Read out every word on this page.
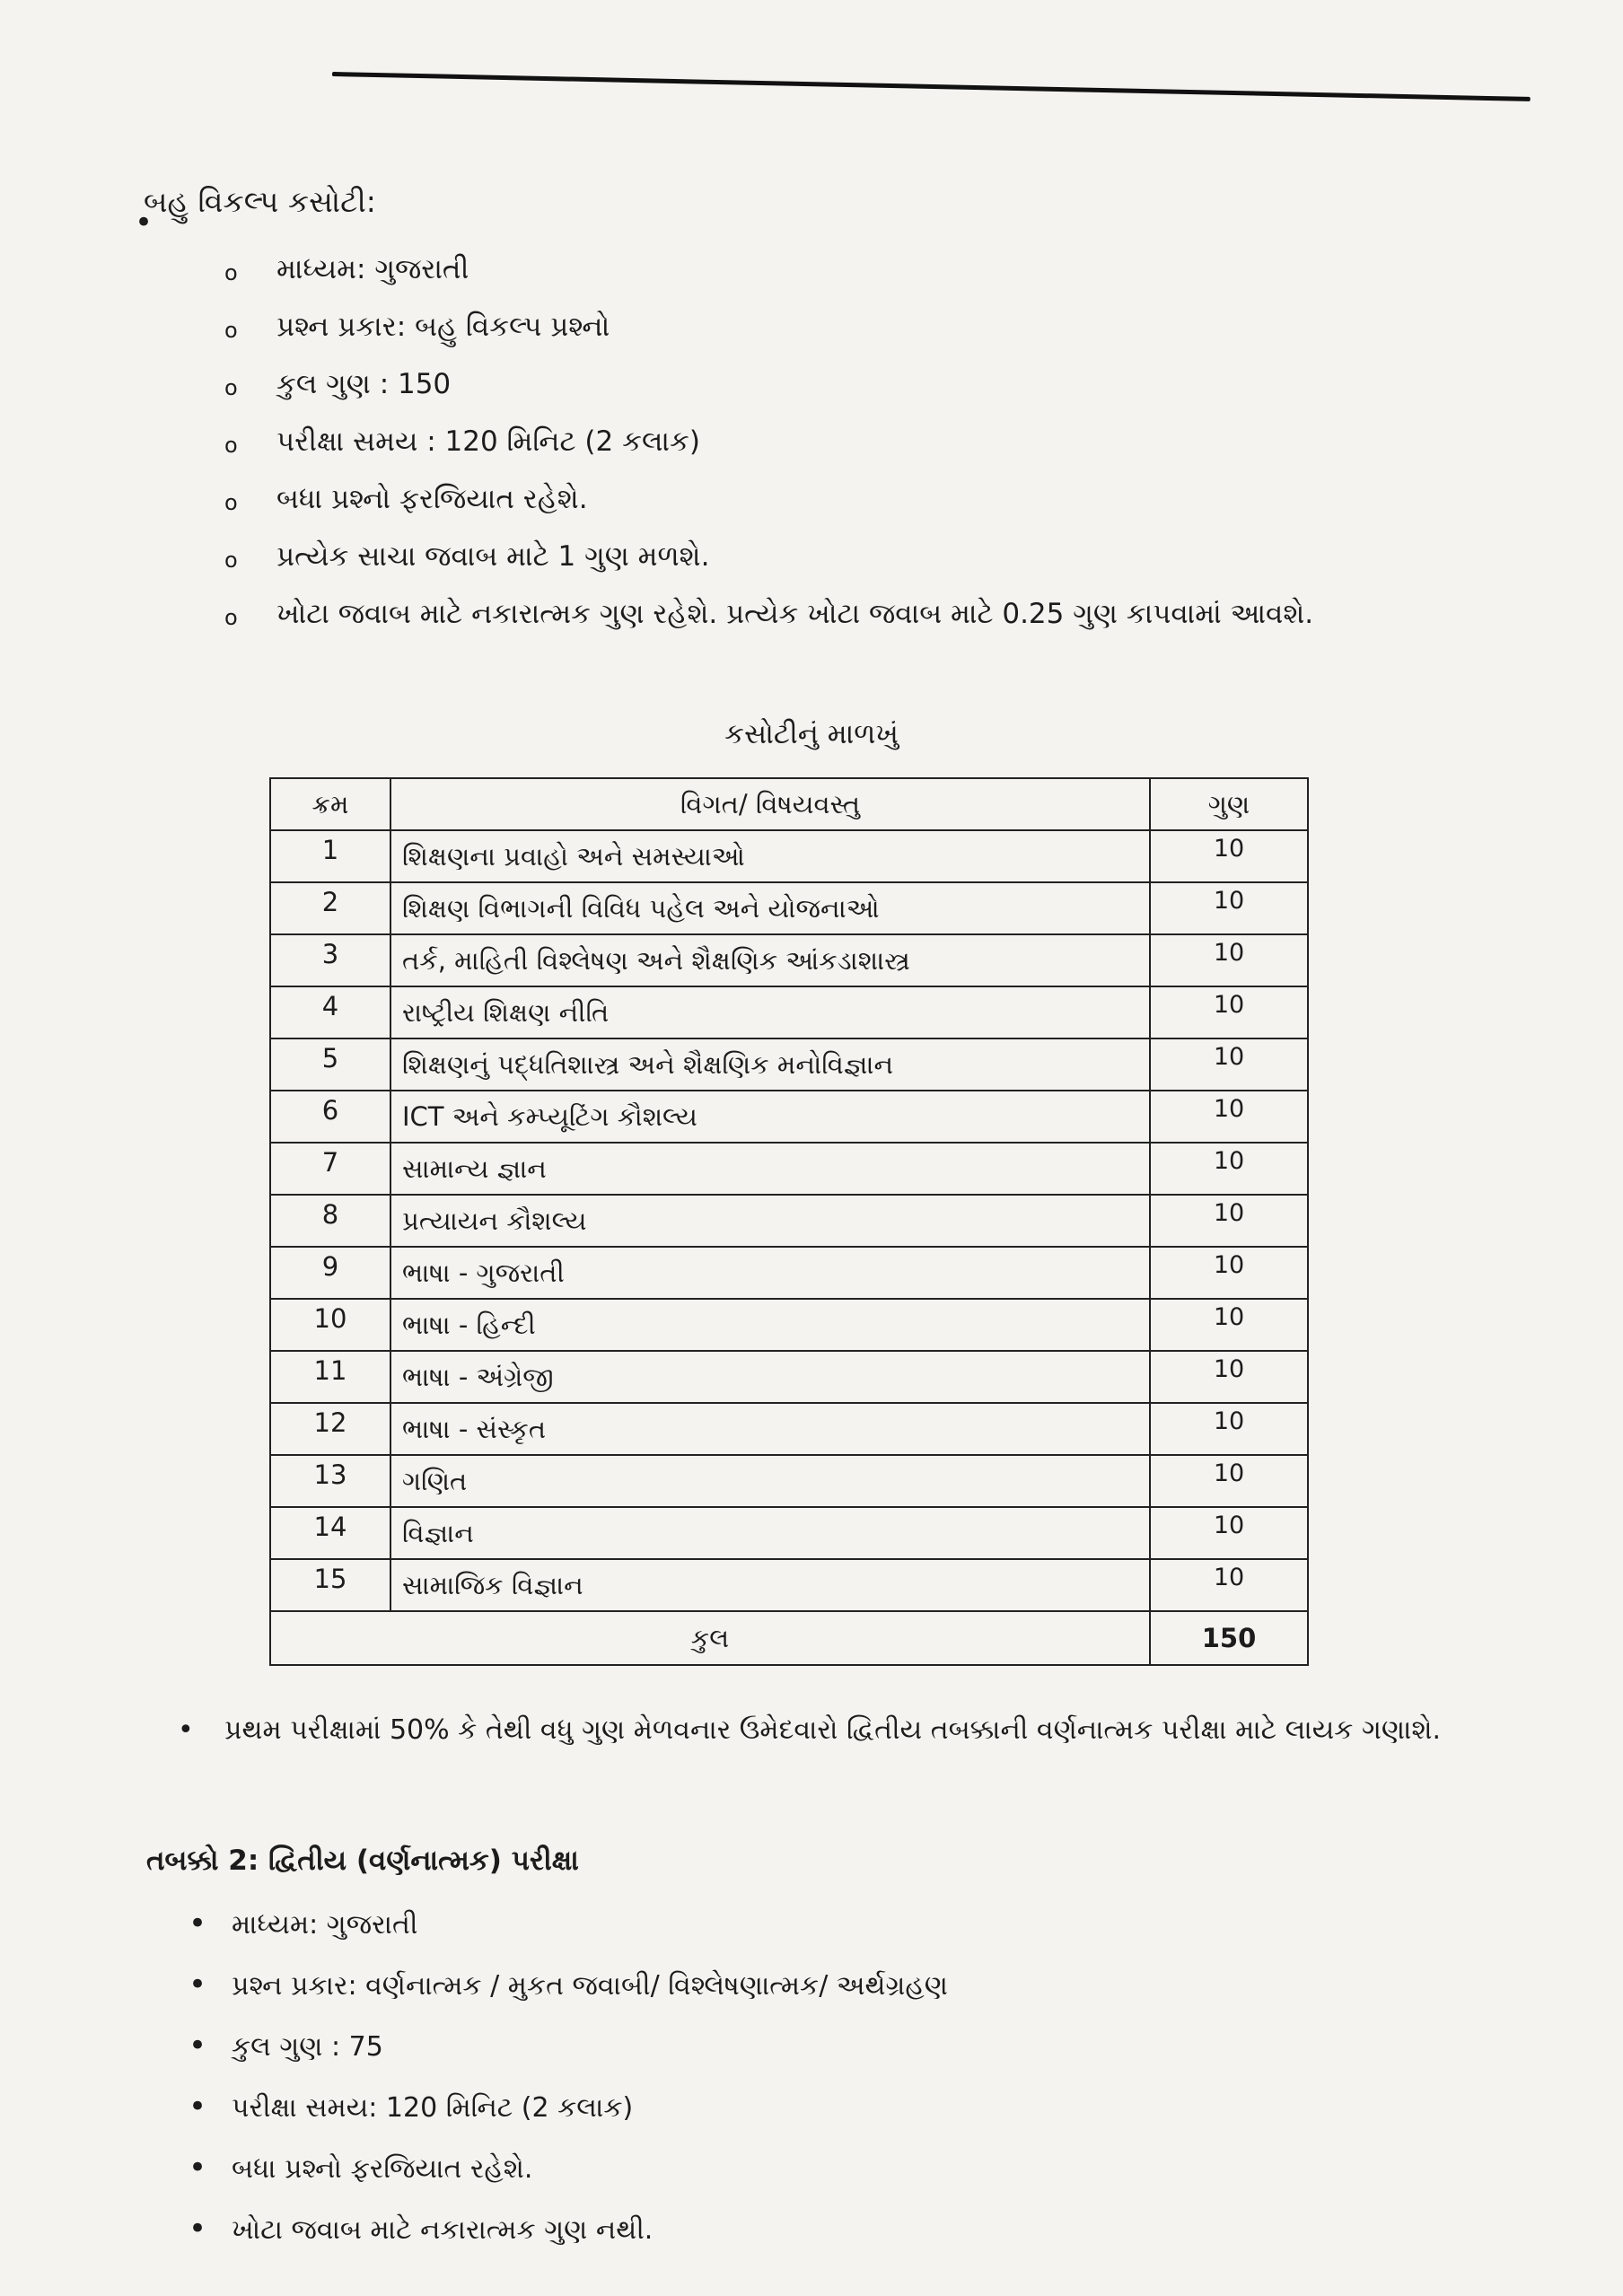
•
બહુ વિકલ્પ કસોટી:
o માધ્યમ: ગુજરાતી
o પ્રશ્ન પ્રકાર: બહુ વિકલ્પ પ્રશ્નો
o કુલ ગુણ : 150
o પરીક્ષા સમય : 120 મિનિટ (2 કલાક)
o બધા પ્રશ્નો ફરજિયાત રહેશે.
o પ્રત્યેક સાચા જવાબ માટે 1 ગુણ મળશે.
o ખોટા જવાબ માટે નકારાત્મક ગુણ રહેશે. પ્રત્યેક ખોટા જવાબ માટે 0.25 ગુણ કાપવામાં આવશે.
કસોટીનું માળખું
ક્રમ	વિગત/ વિષયવસ્તુ	ગુણ
1	શિક્ષણના પ્રવાહો અને સમસ્યાઓ	10
2	શિક્ષણ વિભાગની વિવિધ પહેલ અને યોજનાઓ	10
3	તર્ક, માહિતી વિશ્લેષણ અને શૈક્ષણિક આંકડાશાસ્ત્ર	10
4	રાષ્ટ્રીય શિક્ષણ નીતિ	10
5	શિક્ષણનું પદ્ધતિશાસ્ત્ર અને શૈક્ષણિક મનોવિજ્ઞાન	10
6	ICT અને કમ્પ્યૂટિંગ કૌશલ્ય	10
7	સામાન્ય જ્ઞાન	10
8	પ્રત્યાયન કૌશલ્ય	10
9	ભાષા - ગુજરાતી	10
10	ભાષા - હિન્દી	10
11	ભાષા - અંગ્રેજી	10
12	ભાષા - સંસ્કૃત	10
13	ગણિત	10
14	વિજ્ઞાન	10
15	સામાજિક વિજ્ઞાન	10
કુલ		150
•	પ્રથમ પરીક્ષામાં 50% કે તેથી વધુ ગુણ મેળવનાર ઉમેદવારો દ્વિતીય તબક્કાની વર્ણનાત્મક પરીક્ષા માટે લાયક ગણાશે.
તબક્કો 2: દ્વિતીય (વર્ણનાત્મક) પરીક્ષા
• માધ્યમ: ગુજરાતી
• પ્રશ્ન પ્રકાર: વર્ણનાત્મક / મુકત જવાબી/ વિશ્લેષણાત્મક/ અર્થગ્રહણ
• કુલ ગુણ : 75
• પરીક્ષા સમય: 120 મિનિટ (2 કલાક)
• બધા પ્રશ્નો ફરજિયાત રહેશે.
• ખોટા જવાબ માટે નકારાત્મક ગુણ નથી.
